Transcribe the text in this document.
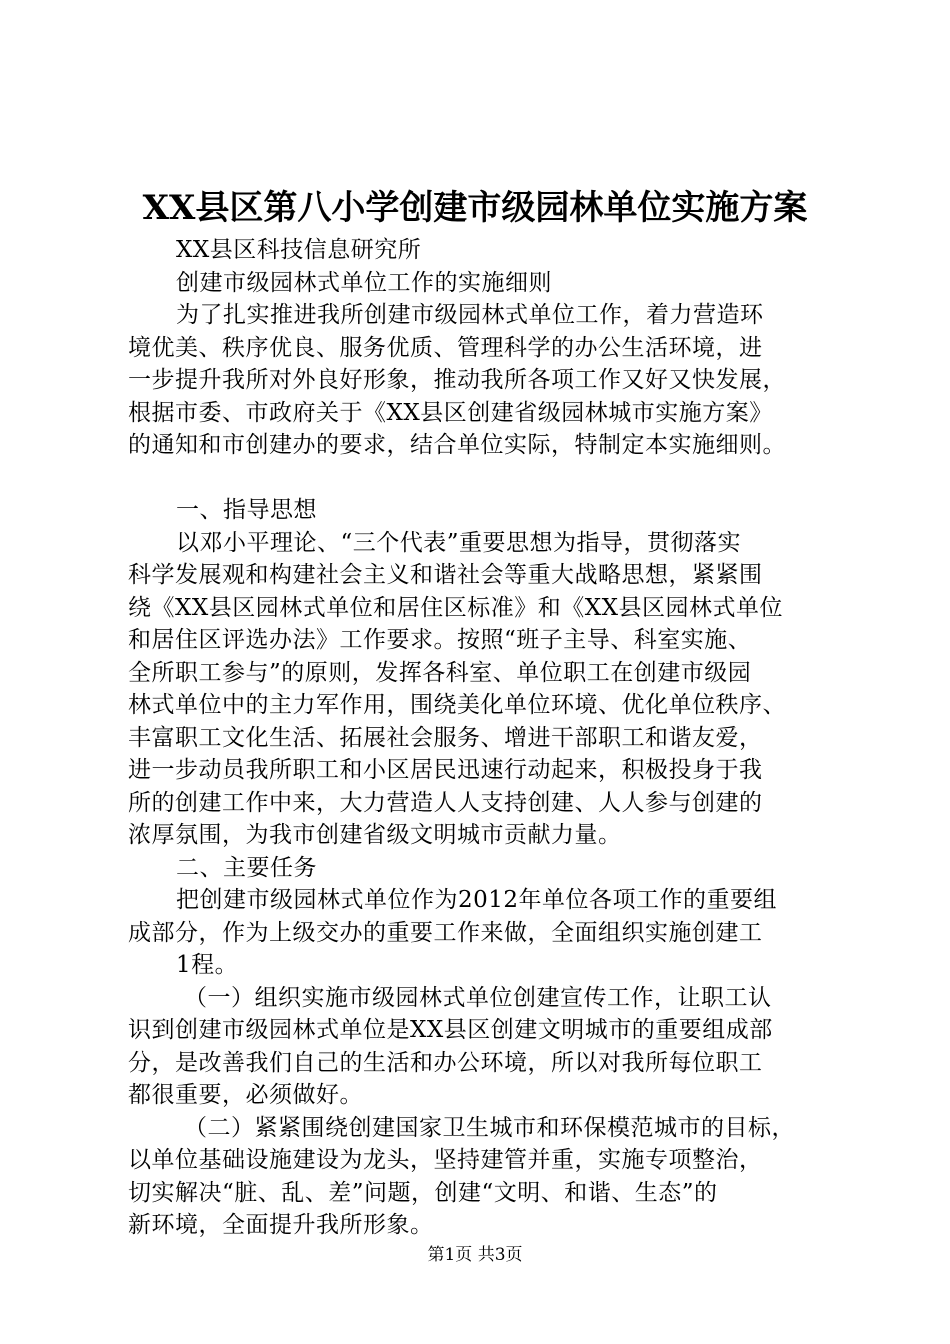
XX县区第八小学创建市级园林单位实施方案
XX县区科技信息研究所
创建市级园林式单位工作的实施细则
为了扎实推进我所创建市级园林式单位工作，着力营造环
境优美、秩序优良、服务优质、管理科学的办公生活环境，进
一步提升我所对外良好形象，推动我所各项工作又好又快发展，
根据市委、市政府关于《XX县区创建省级园林城市实施方案》
的通知和市创建办的要求，结合单位实际，特制定本实施细则。
一、指导思想
以邓小平理论、“三个代表”重要思想为指导，贯彻落实
科学发展观和构建社会主义和谐社会等重大战略思想，紧紧围
绕《XX县区园林式单位和居住区标准》和《XX县区园林式单位
和居住区评选办法》工作要求。按照“班子主导、科室实施、
全所职工参与”的原则，发挥各科室、单位职工在创建市级园
林式单位中的主力军作用，围绕美化单位环境、优化单位秩序、
丰富职工文化生活、拓展社会服务、增进干部职工和谐友爱，
进一步动员我所职工和小区居民迅速行动起来，积极投身于我
所的创建工作中来，大力营造人人支持创建、人人参与创建的
浓厚氛围，为我市创建省级文明城市贡献力量。
二、主要任务
把创建市级园林式单位作为2012年单位各项工作的重要组
成部分，作为上级交办的重要工作来做，全面组织实施创建工
1程。
（一）组织实施市级园林式单位创建宣传工作，让职工认
识到创建市级园林式单位是XX县区创建文明城市的重要组成部
分，是改善我们自己的生活和办公环境，所以对我所每位职工
都很重要，必须做好。
（二）紧紧围绕创建国家卫生城市和环保模范城市的目标，
以单位基础设施建设为龙头，坚持建管并重，实施专项整治，
切实解决“脏、乱、差”问题，创建“文明、和谐、生态”的
新环境，全面提升我所形象。
第1页 共3页
